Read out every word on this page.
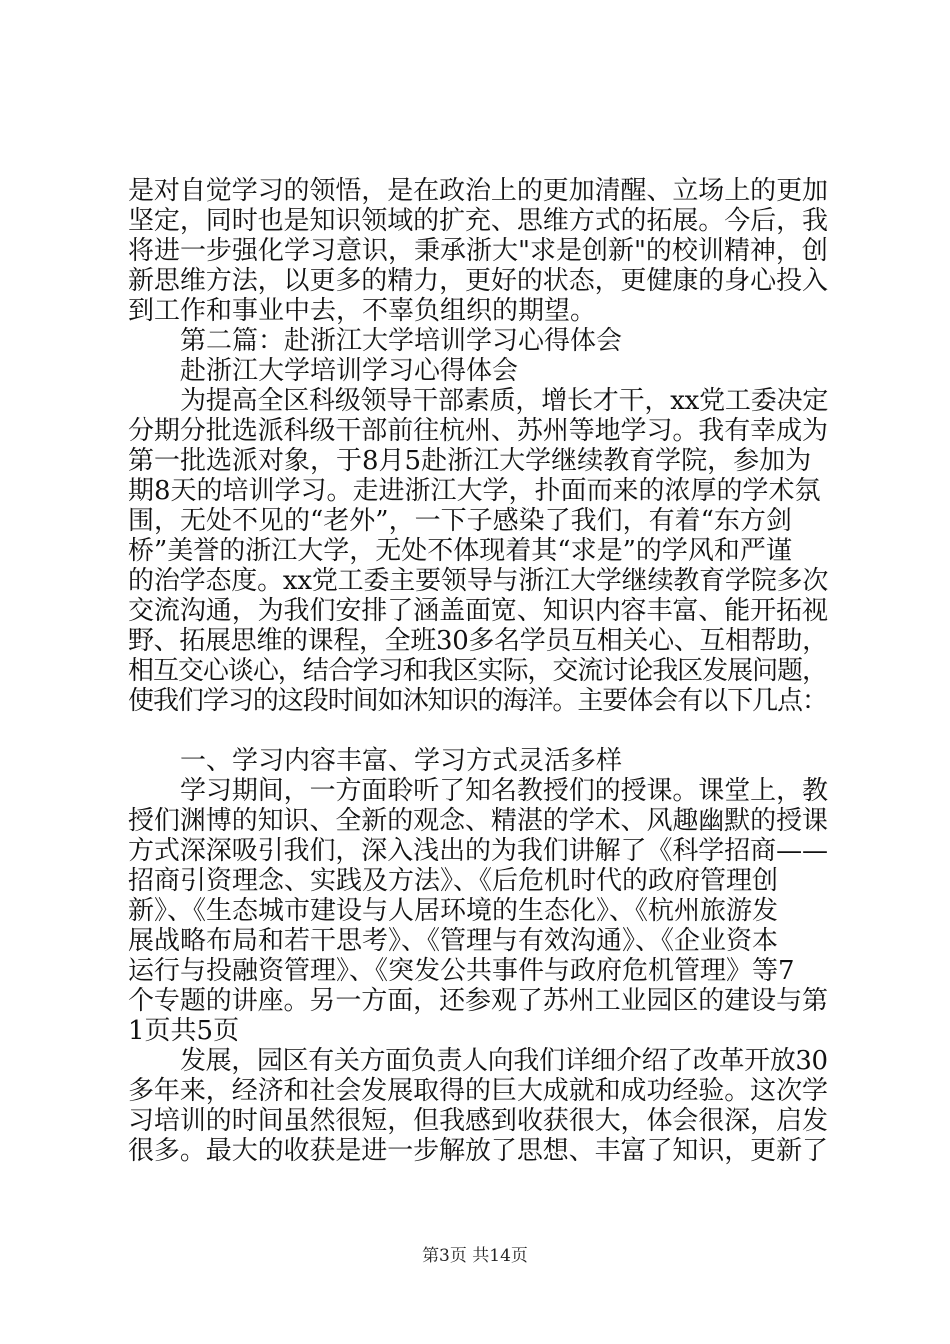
是对自觉学习的领悟，是在政治上的更加清醒、立场上的更加
坚定，同时也是知识领域的扩充、思维方式的拓展。今后，我
将进一步强化学习意识，秉承浙大"求是创新"的校训精神，创
新思维方法，以更多的精力，更好的状态，更健康的身心投入
到工作和事业中去，不辜负组织的期望。
第二篇：赴浙江大学培训学习心得体会
赴浙江大学培训学习心得体会
为提高全区科级领导干部素质，增长才干，xx党工委决定
分期分批选派科级干部前往杭州、苏州等地学习。我有幸成为
第一批选派对象，于8月5赴浙江大学继续教育学院，参加为
期8天的培训学习。走进浙江大学，扑面而来的浓厚的学术氛
围，无处不见的“老外”，一下子感染了我们，有着“东方剑
桥”美誉的浙江大学，无处不体现着其“求是”的学风和严谨
的治学态度。xx党工委主要领导与浙江大学继续教育学院多次
交流沟通，为我们安排了涵盖面宽、知识内容丰富、能开拓视
野、拓展思维的课程，全班30多名学员互相关心、互相帮助，
相互交心谈心，结合学习和我区实际，交流讨论我区发展问题，
使我们学习的这段时间如沐知识的海洋。主要体会有以下几点：
一、学习内容丰富、学习方式灵活多样
学习期间，一方面聆听了知名教授们的授课。课堂上，教
授们渊博的知识、全新的观念、精湛的学术、风趣幽默的授课
方式深深吸引我们，深入浅出的为我们讲解了《科学招商——
招商引资理念、实践及方法》、《后危机时代的政府管理创
新》、《生态城市建设与人居环境的生态化》、《杭州旅游发
展战略布局和若干思考》、《管理与有效沟通》、《企业资本
运行与投融资管理》、《突发公共事件与政府危机管理》等7
个专题的讲座。另一方面，还参观了苏州工业园区的建设与第
1页共5页
发展，园区有关方面负责人向我们详细介绍了改革开放30
多年来，经济和社会发展取得的巨大成就和成功经验。这次学
习培训的时间虽然很短，但我感到收获很大，体会很深，启发
很多。最大的收获是进一步解放了思想、丰富了知识，更新了
第3页 共14页
